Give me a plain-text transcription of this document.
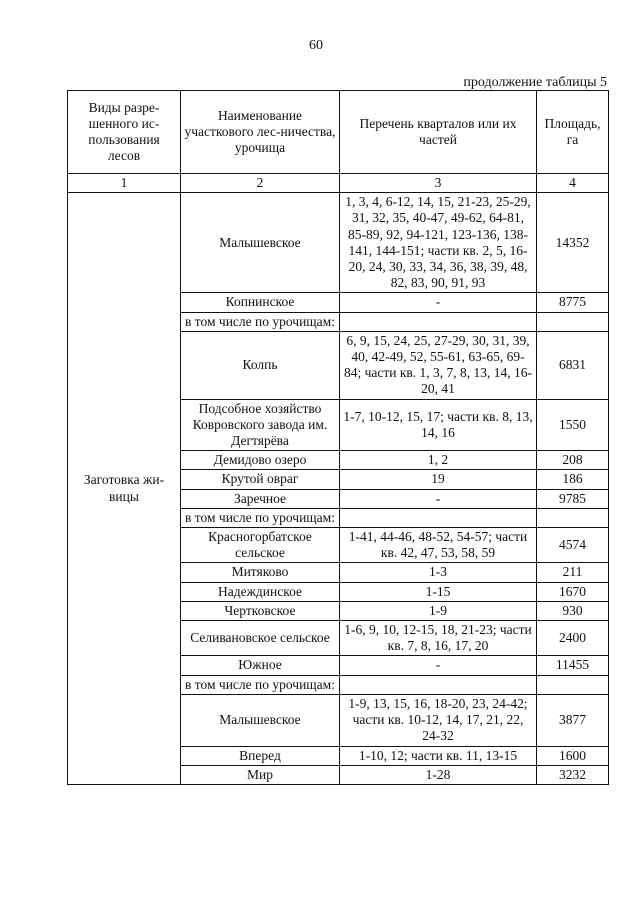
60
продолжение таблицы 5
Виды разре-шенного ис-пользования лесов	Наименование участкового лес-ничества, урочища	Перечень кварталов или их частей	Площадь, га
1	2	3	4
Заготовка жи-вицы	Малышевское	1, 3, 4, 6-12, 14, 15, 21-23, 25-29, 31, 32, 35, 40-47, 49-62, 64-81, 85-89, 92, 94-121, 123-136, 138-141, 144-151; части кв. 2, 5, 16-20, 24, 30, 33, 34, 36, 38, 39, 48, 82, 83, 90, 91, 93	14352
	Копнинское	-	8775
	в том числе по урочищам:		
	Колпь	6, 9, 15, 24, 25, 27-29, 30, 31, 39, 40, 42-49, 52, 55-61, 63-65, 69-84; части кв. 1, 3, 7, 8, 13, 14, 16-20, 41	6831
	Подсобное хозяйство Ковровского завода им. Дегтярёва	1-7, 10-12, 15, 17; части кв. 8, 13, 14, 16	1550
	Демидово озеро	1, 2	208
	Крутой овраг	19	186
	Заречное	-	9785
	в том числе по урочищам:		
	Красногорбатское сельское	1-41, 44-46, 48-52, 54-57; части кв. 42, 47, 53, 58, 59	4574
	Митяково	1-3	211
	Надеждинское	1-15	1670
	Чертковское	1-9	930
	Селивановское сельское	1-6, 9, 10, 12-15, 18, 21-23; части кв. 7, 8, 16, 17, 20	2400
	Южное	-	11455
	в том числе по урочищам:		
	Малышевское	1-9, 13, 15, 16, 18-20, 23, 24-42; части кв. 10-12, 14, 17, 21, 22, 24-32	3877
	Вперед	1-10, 12; части кв. 11, 13-15	1600
	Мир	1-28	3232
